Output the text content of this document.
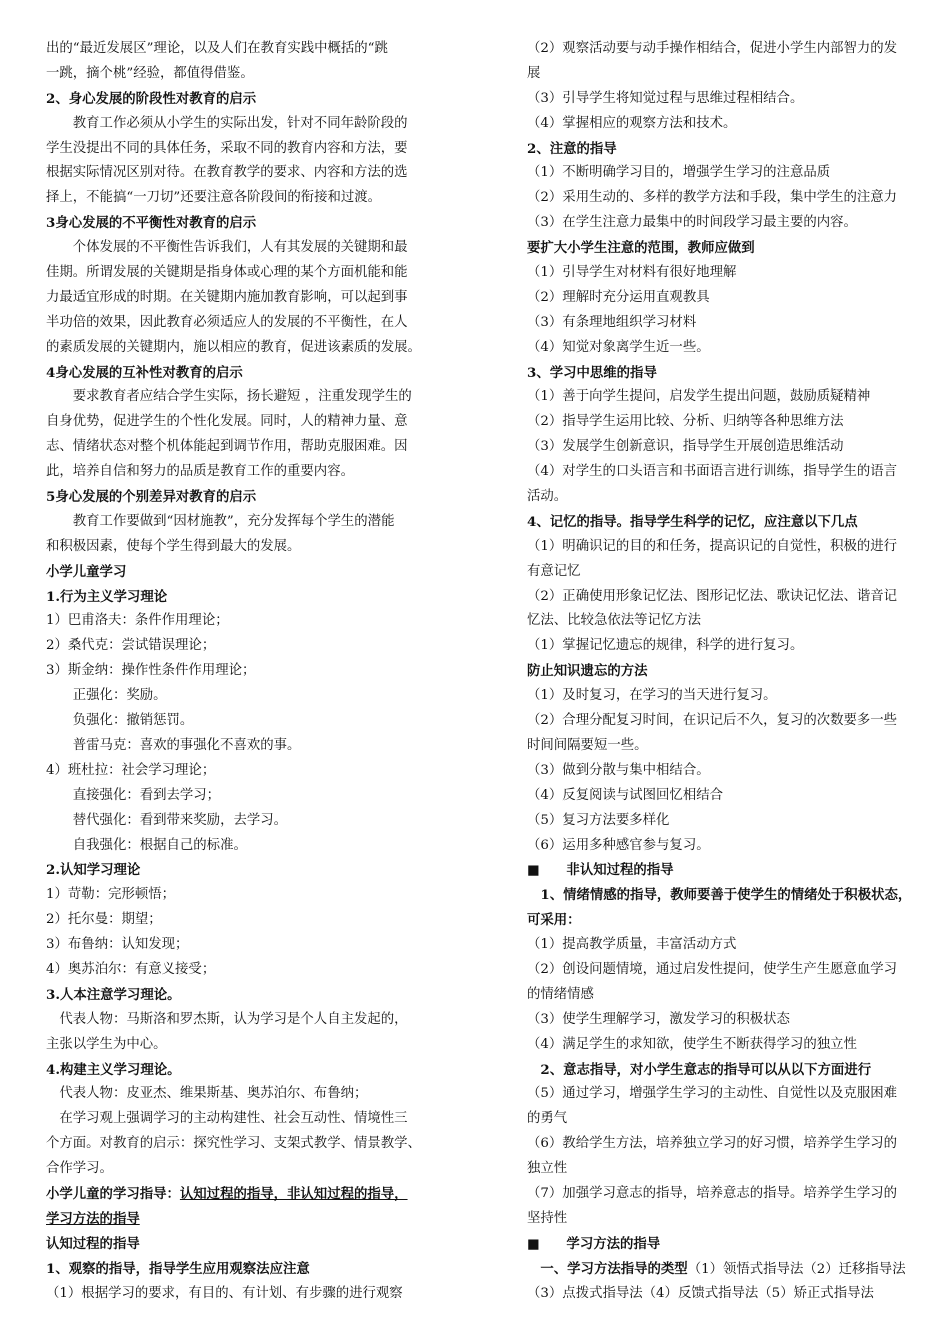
出的“最近发展区”理论，以及人们在教育实践中概括的“跳
一跳，摘个桃”经验，都值得借鉴。
2、身心发展的阶段性对教育的启示
　　教育工作必须从小学生的实际出发，针对不同年龄阶段的
学生没提出不同的具体任务，采取不同的教育内容和方法，要
根据实际情况区别对待。在教育教学的要求、内容和方法的选
择上，不能搞“一刀切”还要注意各阶段间的衔接和过渡。
3身心发展的不平衡性对教育的启示
　　个体发展的不平衡性告诉我们，人有其发展的关键期和最
佳期。所谓发展的关键期是指身体或心理的某个方面机能和能
力最适宜形成的时期。在关键期内施加教育影响，可以起到事
半功倍的效果，因此教育必须适应人的发展的不平衡性，在人
的素质发展的关键期内，施以相应的教育，促进该素质的发展。
4身心发展的互补性对教育的启示
　　要求教育者应结合学生实际，扬长避短 ，注重发现学生的
自身优势，促进学生的个性化发展。同时，人的精神力量、意
志、情绪状态对整个机体能起到调节作用，帮助克服困难。因
此，培养自信和努力的品质是教育工作的重要内容。
5身心发展的个别差异对教育的启示
　　教育工作要做到“因材施教”，充分发挥每个学生的潜能
和积极因素，使每个学生得到最大的发展。
小学儿童学习
1.行为主义学习理论
1）巴甫洛夫：条件作用理论；
2）桑代克：尝试错误理论；
3）斯金纳：操作性条件作用理论；
　　正强化：奖励。
　　负强化：撤销惩罚。
　　普雷马克：喜欢的事强化不喜欢的事。
4）班杜拉：社会学习理论；
　　直接强化：看到去学习；
　　替代强化：看到带来奖励，去学习。
　　自我强化：根据自己的标准。
2.认知学习理论
1）苛勒：完形顿悟；
2）托尔曼：期望；
3）布鲁纳：认知发现；
4）奥苏泊尔：有意义接受；
3.人本注意学习理论。
　代表人物：马斯洛和罗杰斯，认为学习是个人自主发起的，
主张以学生为中心。
4.构建主义学习理论。
　代表人物：皮亚杰、维果斯基、奥苏泊尔、布鲁纳；
　在学习观上强调学习的主动构建性、社会互动性、情境性三
个方面。对教育的启示：探究性学习、支架式教学、情景教学、
合作学习。
小学儿童的学习指导：认知过程的指导，非认知过程的指导，
学习方法的指导
认知过程的指导
1、观察的指导，指导学生应用观察法应注意
（1）根据学习的要求，有目的、有计划、有步骤的进行观察
（2）观察活动要与动手操作相结合，促进小学生内部智力的发
展
（3）引导学生将知觉过程与思维过程相结合。
（4）掌握相应的观察方法和技术。
2、注意的指导
（1）不断明确学习目的，增强学生学习的注意品质
（2）采用生动的、多样的教学方法和手段，集中学生的注意力
（3）在学生注意力最集中的时间段学习最主要的内容。
要扩大小学生注意的范围，教师应做到
（1）引导学生对材料有很好地理解
（2）理解时充分运用直观教具
（3）有条理地组织学习材料
（4）知觉对象离学生近一些。
3、学习中思维的指导
（1）善于向学生提问，启发学生提出问题，鼓励质疑精神
（2）指导学生运用比较、分析、归纳等各种思维方法
（3）发展学生创新意识，指导学生开展创造思维活动
（4）对学生的口头语言和书面语言进行训练，指导学生的语言
活动。
4、记忆的指导。指导学生科学的记忆，应注意以下几点
（1）明确识记的目的和任务，提高识记的自觉性，积极的进行
有意记忆
（2）正确使用形象记忆法、图形记忆法、歌诀记忆法、谐音记
忆法、比较急依法等记忆方法
（1）掌握记忆遗忘的规律，科学的进行复习。
防止知识遗忘的方法
（1）及时复习，在学习的当天进行复习。
（2）合理分配复习时间，在识记后不久，复习的次数要多一些
时间间隔要短一些。
（3）做到分散与集中相结合。
（4）反复阅读与试图回忆相结合
（5）复习方法要多样化
（6）运用多种感官参与复习。
■　　非认知过程的指导
　1、情绪情感的指导，教师要善于使学生的情绪处于积极状态，
可采用：
（1）提高教学质量，丰富活动方式
（2）创设问题情境，通过启发性提问，使学生产生愿意血学习
的情绪情感
（3）使学生理解学习，激发学习的积极状态
（4）满足学生的求知欲，使学生不断获得学习的独立性
　2、意志指导，对小学生意志的指导可以从以下方面进行
（5）通过学习，增强学生学习的主动性、自觉性以及克服困难
的勇气
（6）教给学生方法，培养独立学习的好习惯，培养学生学习的
独立性
（7）加强学习意志的指导，培养意志的指导。培养学生学习的
坚持性
■　　学习方法的指导
　一、学习方法指导的类型（1）领悟式指导法（2）迁移指导法
（3）点拨式指导法（4）反馈式指导法（5）矫正式指导法
